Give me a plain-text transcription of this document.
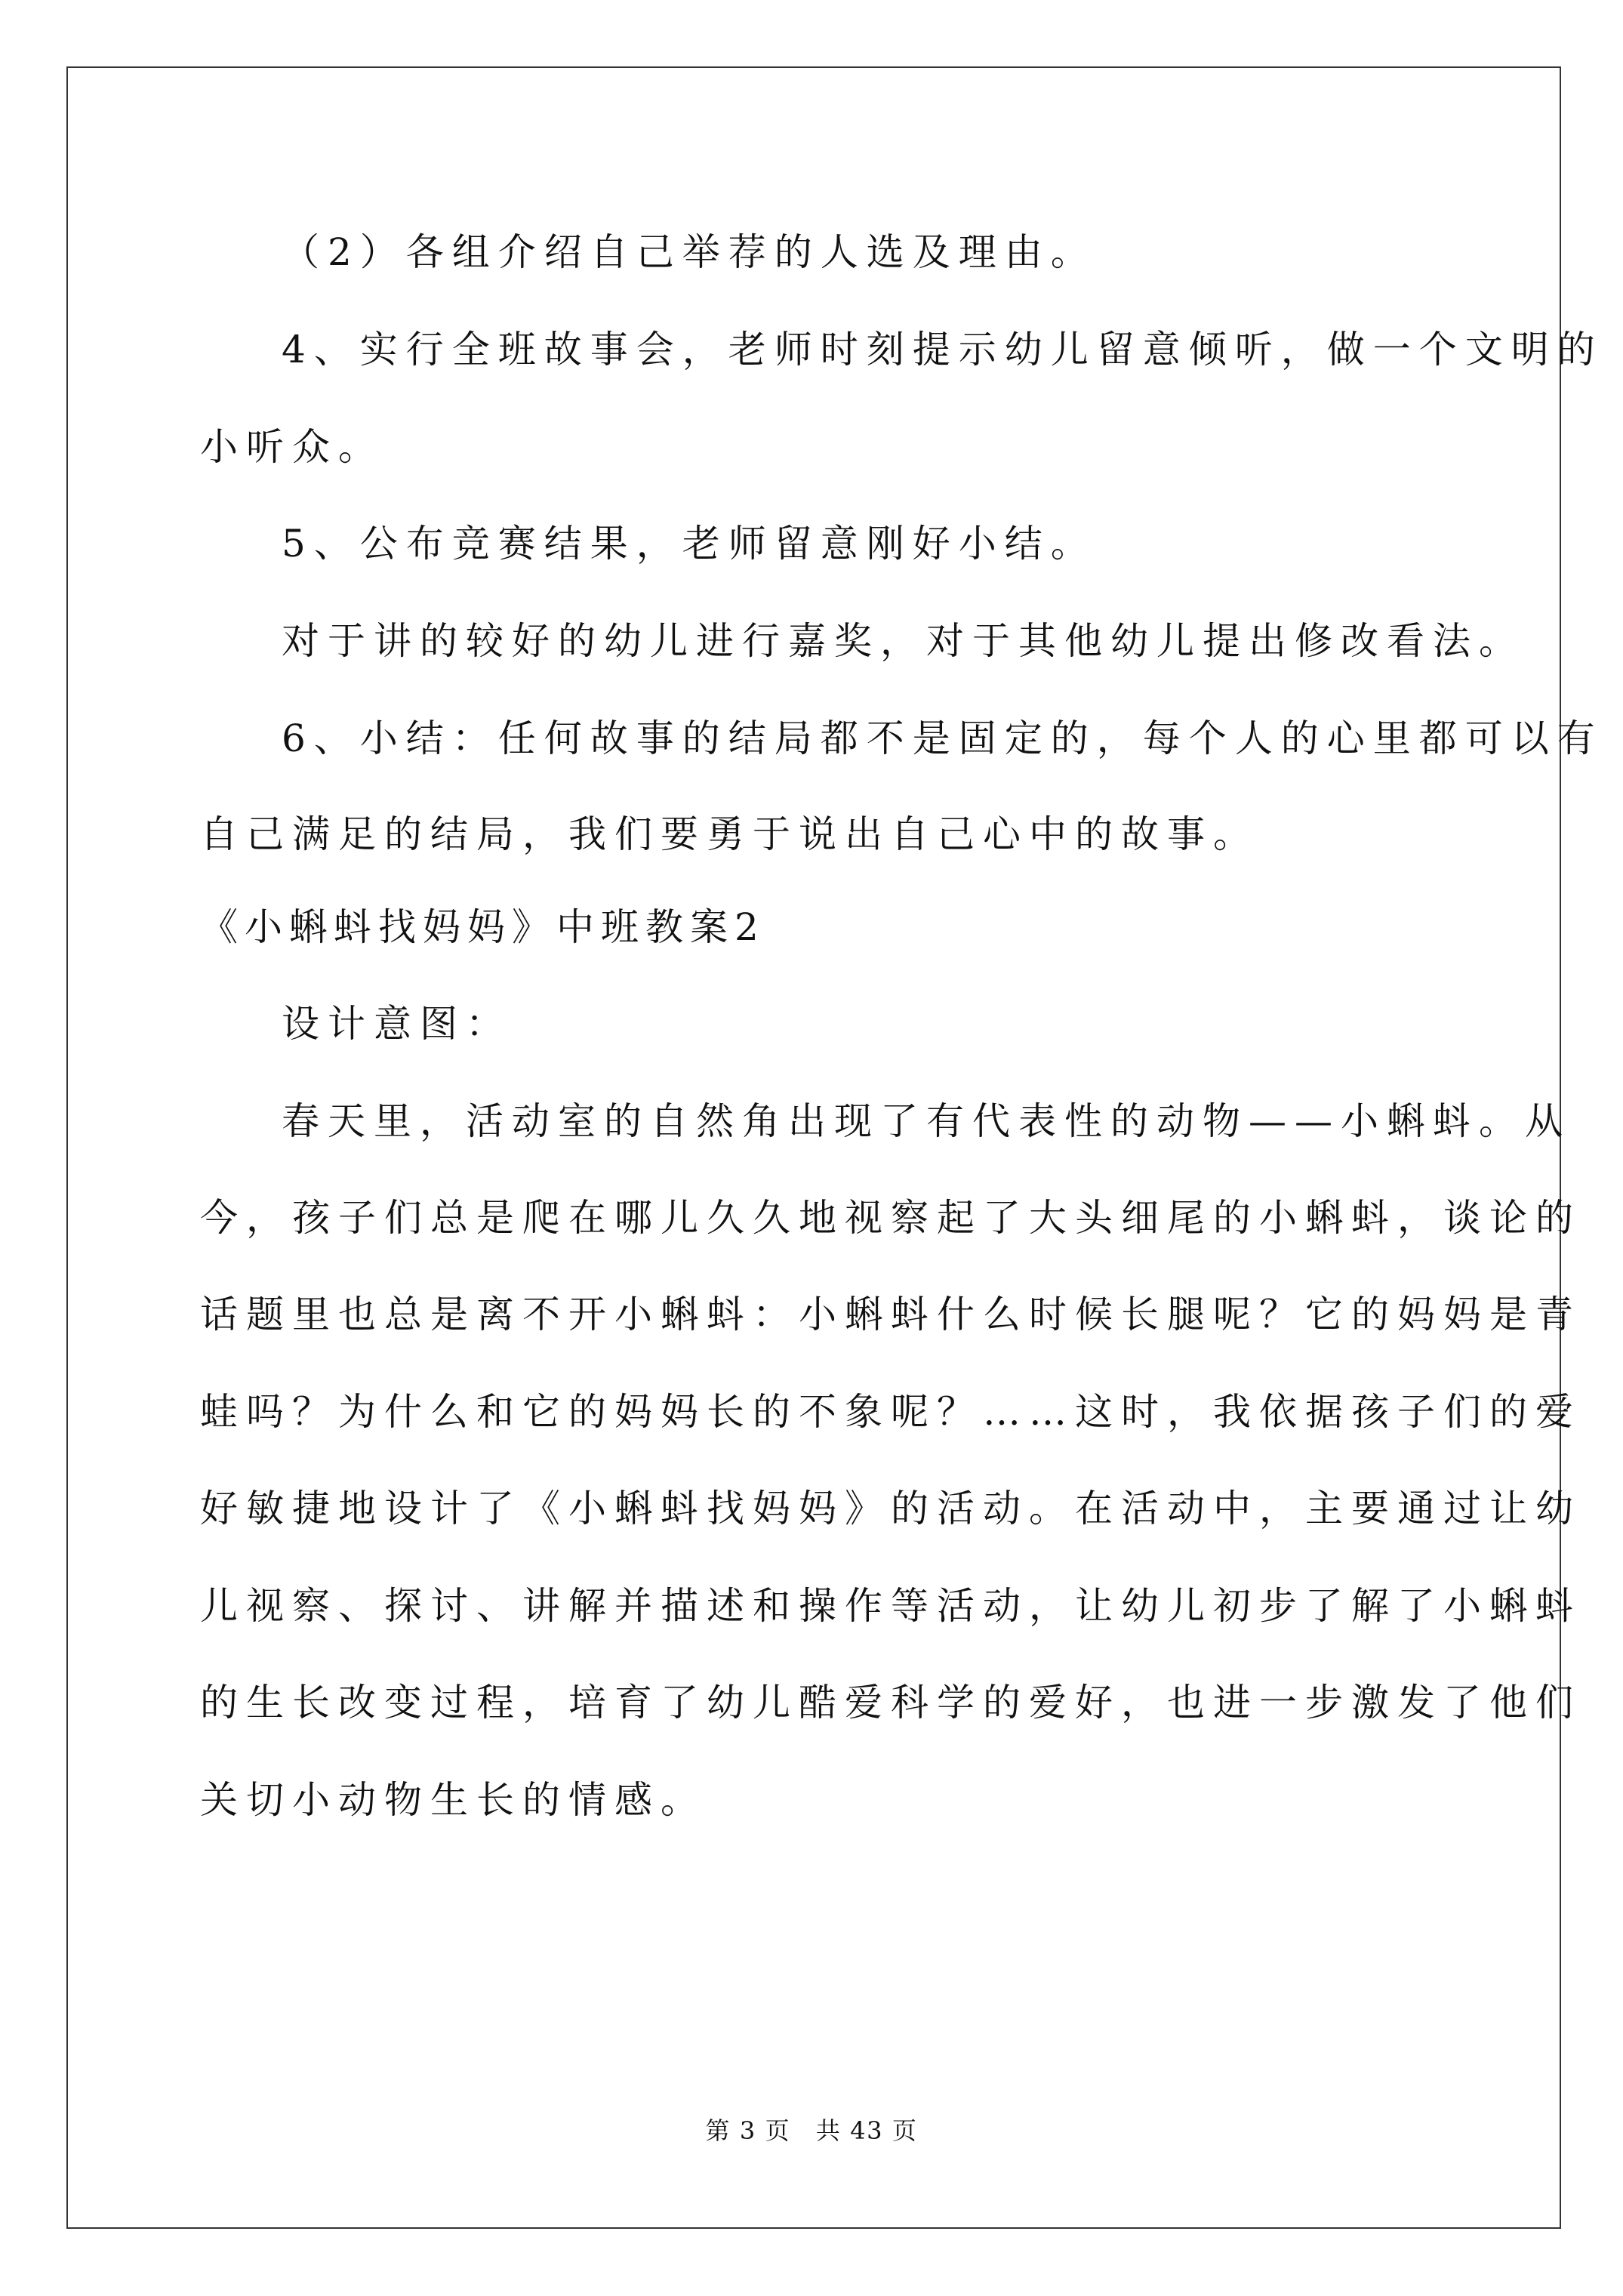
（2）各组介绍自己举荐的人选及理由。
4、实行全班故事会，老师时刻提示幼儿留意倾听，做一个文明的
小听众。
5、公布竞赛结果，老师留意刚好小结。
对于讲的较好的幼儿进行嘉奖，对于其他幼儿提出修改看法。
6、小结：任何故事的结局都不是固定的，每个人的心里都可以有
自己满足的结局，我们要勇于说出自己心中的故事。
《小蝌蚪找妈妈》中班教案2
设计意图：
春天里，活动室的自然角出现了有代表性的动物——小蝌蚪。从
今，孩子们总是爬在哪儿久久地视察起了大头细尾的小蝌蚪，谈论的
话题里也总是离不开小蝌蚪：小蝌蚪什么时候长腿呢？它的妈妈是青
蛙吗？为什么和它的妈妈长的不象呢？……这时，我依据孩子们的爱
好敏捷地设计了《小蝌蚪找妈妈》的活动。在活动中，主要通过让幼
儿视察、探讨、讲解并描述和操作等活动，让幼儿初步了解了小蝌蚪
的生长改变过程，培育了幼儿酷爱科学的爱好，也进一步激发了他们
关切小动物生长的情感。
第 3 页　共 43 页
